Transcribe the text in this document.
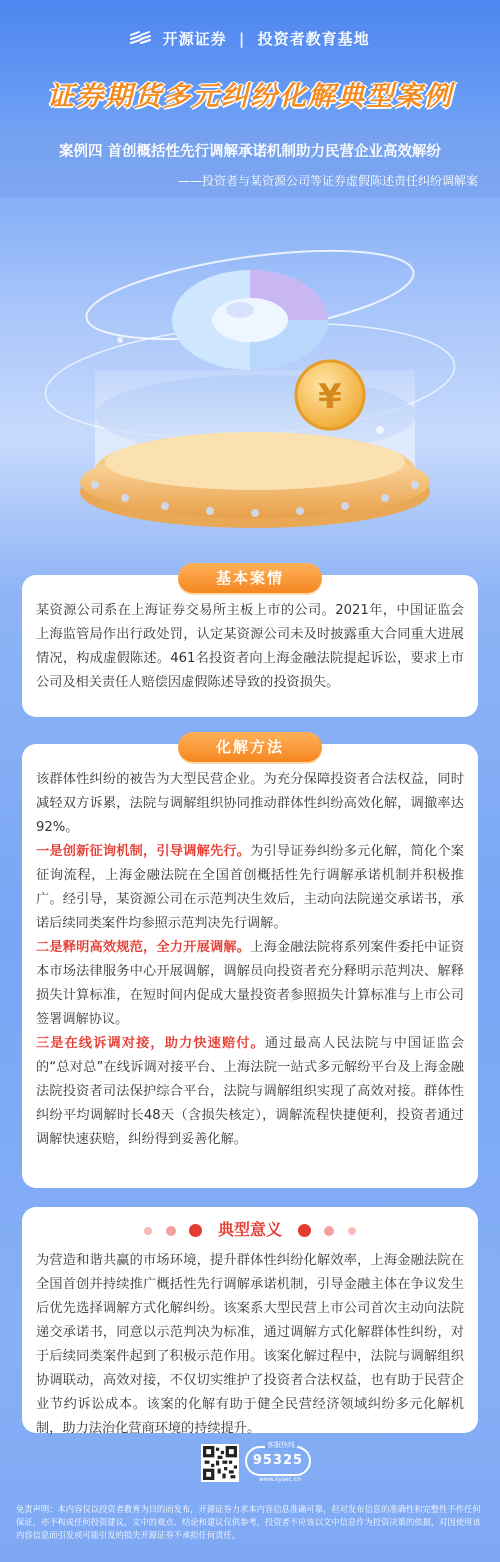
开源证券 | 投资者教育基地
证券期货多元纠纷化解典型案例
案例四 首创概括性先行调解承诺机制助力民营企业高效解纷
——投资者与某资源公司等证券虚假陈述责任纠纷调解案
¥
基本案情

某资源公司系在上海证券交易所主板上市的公司。2021年，中国证监会上海监管局作出行政处罚，认定某资源公司未及时披露重大合同重大进展情况，构成虚假陈述。461名投资者向上海金融法院提起诉讼，要求上市公司及相关责任人赔偿因虚假陈述导致的投资损失。

化解方法

该群体性纠纷的被告为大型民营企业。为充分保障投资者合法权益，同时减轻双方诉累，法院与调解组织协同推动群体性纠纷高效化解，调撤率达92%。

一是创新征询机制，引导调解先行。为引导证券纠纷多元化解，简化个案征询流程，上海金融法院在全国首创概括性先行调解承诺机制并积极推广。经引导，某资源公司在示范判决生效后，主动向法院递交承诺书，承诺后续同类案件均参照示范判决先行调解。

二是释明高效规范，全力开展调解。上海金融法院将系列案件委托中证资本市场法律服务中心开展调解，调解员向投资者充分释明示范判决、解释损失计算标准，在短时间内促成大量投资者参照损失计算标准与上市公司签署调解协议。

三是在线诉调对接，助力快速赔付。通过最高人民法院与中国证监会的“总对总”在线诉调对接平台、上海法院一站式多元解纷平台及上海金融法院投资者司法保护综合平台，法院与调解组织实现了高效对接。群体性纠纷平均调解时长48天（含损失核定），调解流程快捷便利，投资者通过调解快速获赔，纠纷得到妥善化解。

典型意义

为营造和谐共赢的市场环境，提升群体性纠纷化解效率，上海金融法院在全国首创并持续推广概括性先行调解承诺机制，引导金融主体在争议发生后优先选择调解方式化解纠纷。该案系大型民营上市公司首次主动向法院递交承诺书，同意以示范判决为标准，通过调解方式化解群体性纠纷，对于后续同类案件起到了积极示范作用。该案化解过程中，法院与调解组织协调联动，高效对接，不仅切实维护了投资者合法权益，也有助于民营企业节约诉讼成本。该案的化解有助于健全民营经济领域纠纷多元化解机制，助力法治化营商环境的持续提升。

客服热线
95325
www.kysec.cn
免责声明：本内容仅以投资者教育为目的而发布，开源证券力求本内容信息准确可靠，但对发布信息的准确性和完整性不作任何保证，亦不构成任何投资建议，文中的观点、结论和建议仅供参考，投资者不应该以文中信息作为投资决策的依据，对因使用该内容信息而引发或可能引发的损失开源证券不承担任何责任。
